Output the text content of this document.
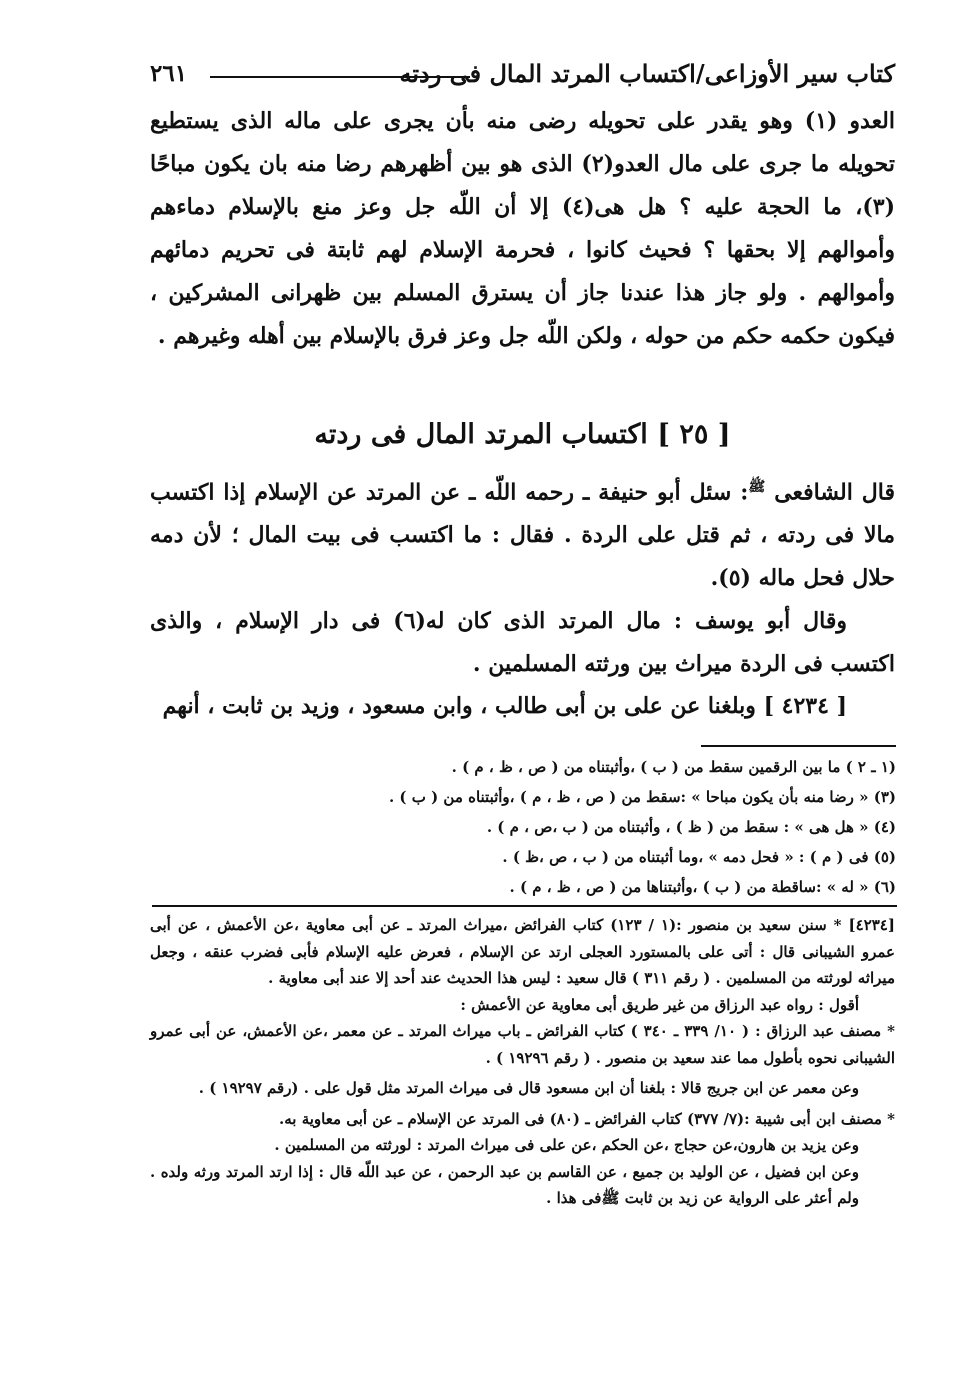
٢٦١	كتاب سير الأوزاعى/اكتساب المرتد المال فى ردته

العدو (١) وهو يقدر على تحويله رضى منه بأن يجرى على ماله الذى يستطيع تحويله ما جرى على مال العدو(٢) الذى هو بين أظهرهم رضا منه بان يكون مباحًا (٣)، ما الحجة عليه ؟ هل هى(٤) إلا أن اللّه جل وعز منع بالإسلام دماءهم وأموالهم إلا بحقها ؟ فحيث كانوا ، فحرمة الإسلام لهم ثابتة فى تحريم دمائهم وأموالهم . ولو جاز هذا عندنا جاز أن يسترق المسلم بين ظهرانى المشركين ، فيكون حكمه حكم من حوله ، ولكن اللّه جل وعز فرق بالإسلام بين أهله وغيرهم .

[ ٢٥ ] اكتساب المرتد المال فى ردته

قال الشافعى $^ﷺ$: سئل أبو حنيفة ـ رحمه اللّه ـ عن المرتد عن الإسلام إذا اكتسب مالا فى ردته ، ثم قتل على الردة . فقال : ما اكتسب فى بيت المال ؛ لأن دمه حلال فحل ماله (٥).

وقال أبو يوسف : مال المرتد الذى كان له(٦) فى دار الإسلام ، والذى اكتسب فى الردة ميراث بين ورثته المسلمين .

[ ٤٢٣٤ ] وبلغنا عن على بن أبى طالب ، وابن مسعود ، وزيد بن ثابت ، أنهم

(١ ـ ٢ ) ما بين الرقمين سقط من ( ب ) ،وأثبتناه من ( ص ، ظ ، م ) .
(٣) « رضا منه بأن يكون مباحا » :سقط من ( ص ، ظ ، م ) ،وأثبتناه من ( ب ) .
(٤) « هل هى » : سقط من ( ظ ) ، وأثبتناه من ( ب ،ص ، م ) .
(٥) فى ( م ) : « فحل دمه » ،وما أثبتناه من ( ب ، ص ،ظ ) .
(٦) « له » :ساقطة من ( ب ) ،وأثبتناها من ( ص ، ظ ، م ) .

[٤٢٣٤] * سنن سعيد بن منصور :(١ / ١٢٣) كتاب الفرائض ،ميراث المرتد ـ عن أبى معاوية ،عن الأعمش ، عن أبى عمرو الشيبانى قال : أتى على بالمستورد العجلى ارتد عن الإسلام ، فعرض عليه الإسلام فأبى فضرب عنقه ، وجعل ميراثه لورثته من المسلمين . ( رقم ٣١١ ) قال سعيد : ليس هذا الحديث عند أحد إلا عند أبى معاوية .

أقول : رواه عبد الرزاق من غير طريق أبى معاوية عن الأعمش :

* مصنف عبد الرزاق : ( ١٠/ ٣٣٩ ـ ٣٤٠ ) كتاب الفرائض ـ باب ميراث المرتد ـ عن معمر ،عن الأعمش، عن أبى عمرو الشيبانى نحوه بأطول مما عند سعيد بن منصور . ( رقم ١٩٢٩٦ ) .

وعن معمر عن ابن جريج قالا : بلغنا أن ابن مسعود قال فى ميراث المرتد مثل قول على . (رقم ١٩٢٩٧ ) .

* مصنف ابن أبى شيبة :(٧/ ٣٧٧) كتاب الفرائض ـ (٨٠) فى المرتد عن الإسلام ـ عن أبى معاوية به.

وعن يزيد بن هارون،عن حجاج ،عن الحكم ،عن على فى ميراث المرتد : لورثته من المسلمين .

وعن ابن فضيل ، عن الوليد بن جميع ، عن القاسم بن عبد الرحمن ، عن عبد اللّه قال : إذا ارتد المرتد ورثه ولده . ولم أعثر على الرواية عن زيد بن ثابت ﷺفى هذا .
